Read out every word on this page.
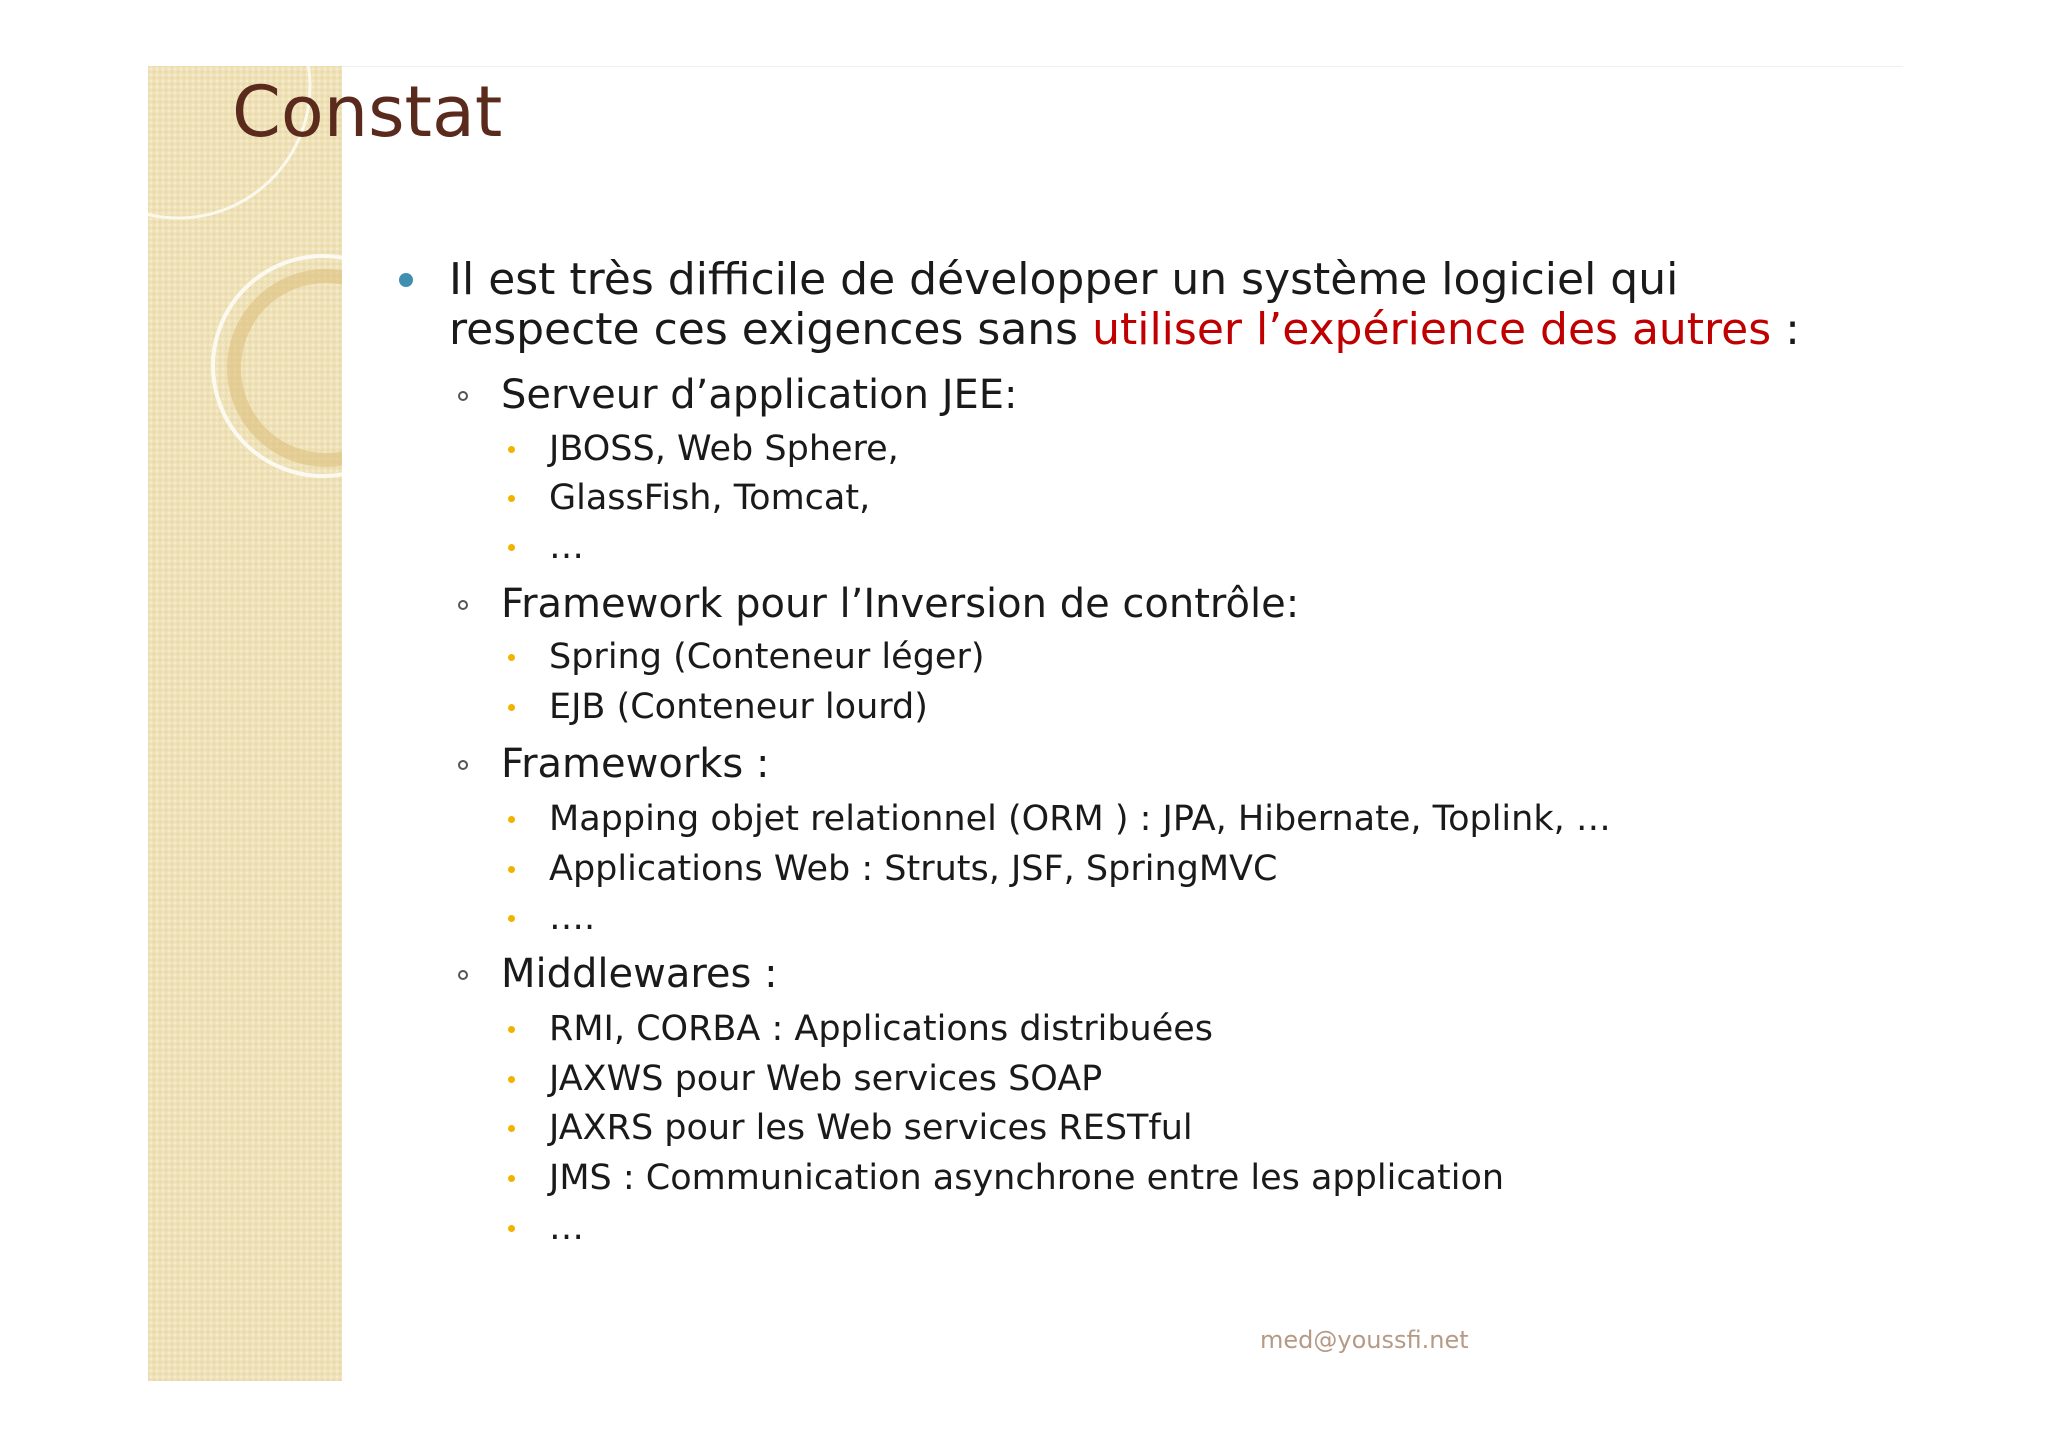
Constat
Il est très difficile de développer un système logiciel qui
respecte ces exigences sans utiliser l’expérience des autres :
Serveur d’application JEE:
JBOSS, Web Sphere,
GlassFish, Tomcat,
…
Framework pour l’Inversion de contrôle:
Spring (Conteneur léger)
EJB (Conteneur lourd)
Frameworks :
Mapping objet relationnel (ORM ) : JPA, Hibernate, Toplink, …
Applications Web : Struts, JSF, SpringMVC
….
Middlewares :
RMI, CORBA : Applications distribuées
JAXWS pour Web services SOAP
JAXRS pour les Web services RESTful
JMS : Communication asynchrone entre les application
…
med@youssfi.net
